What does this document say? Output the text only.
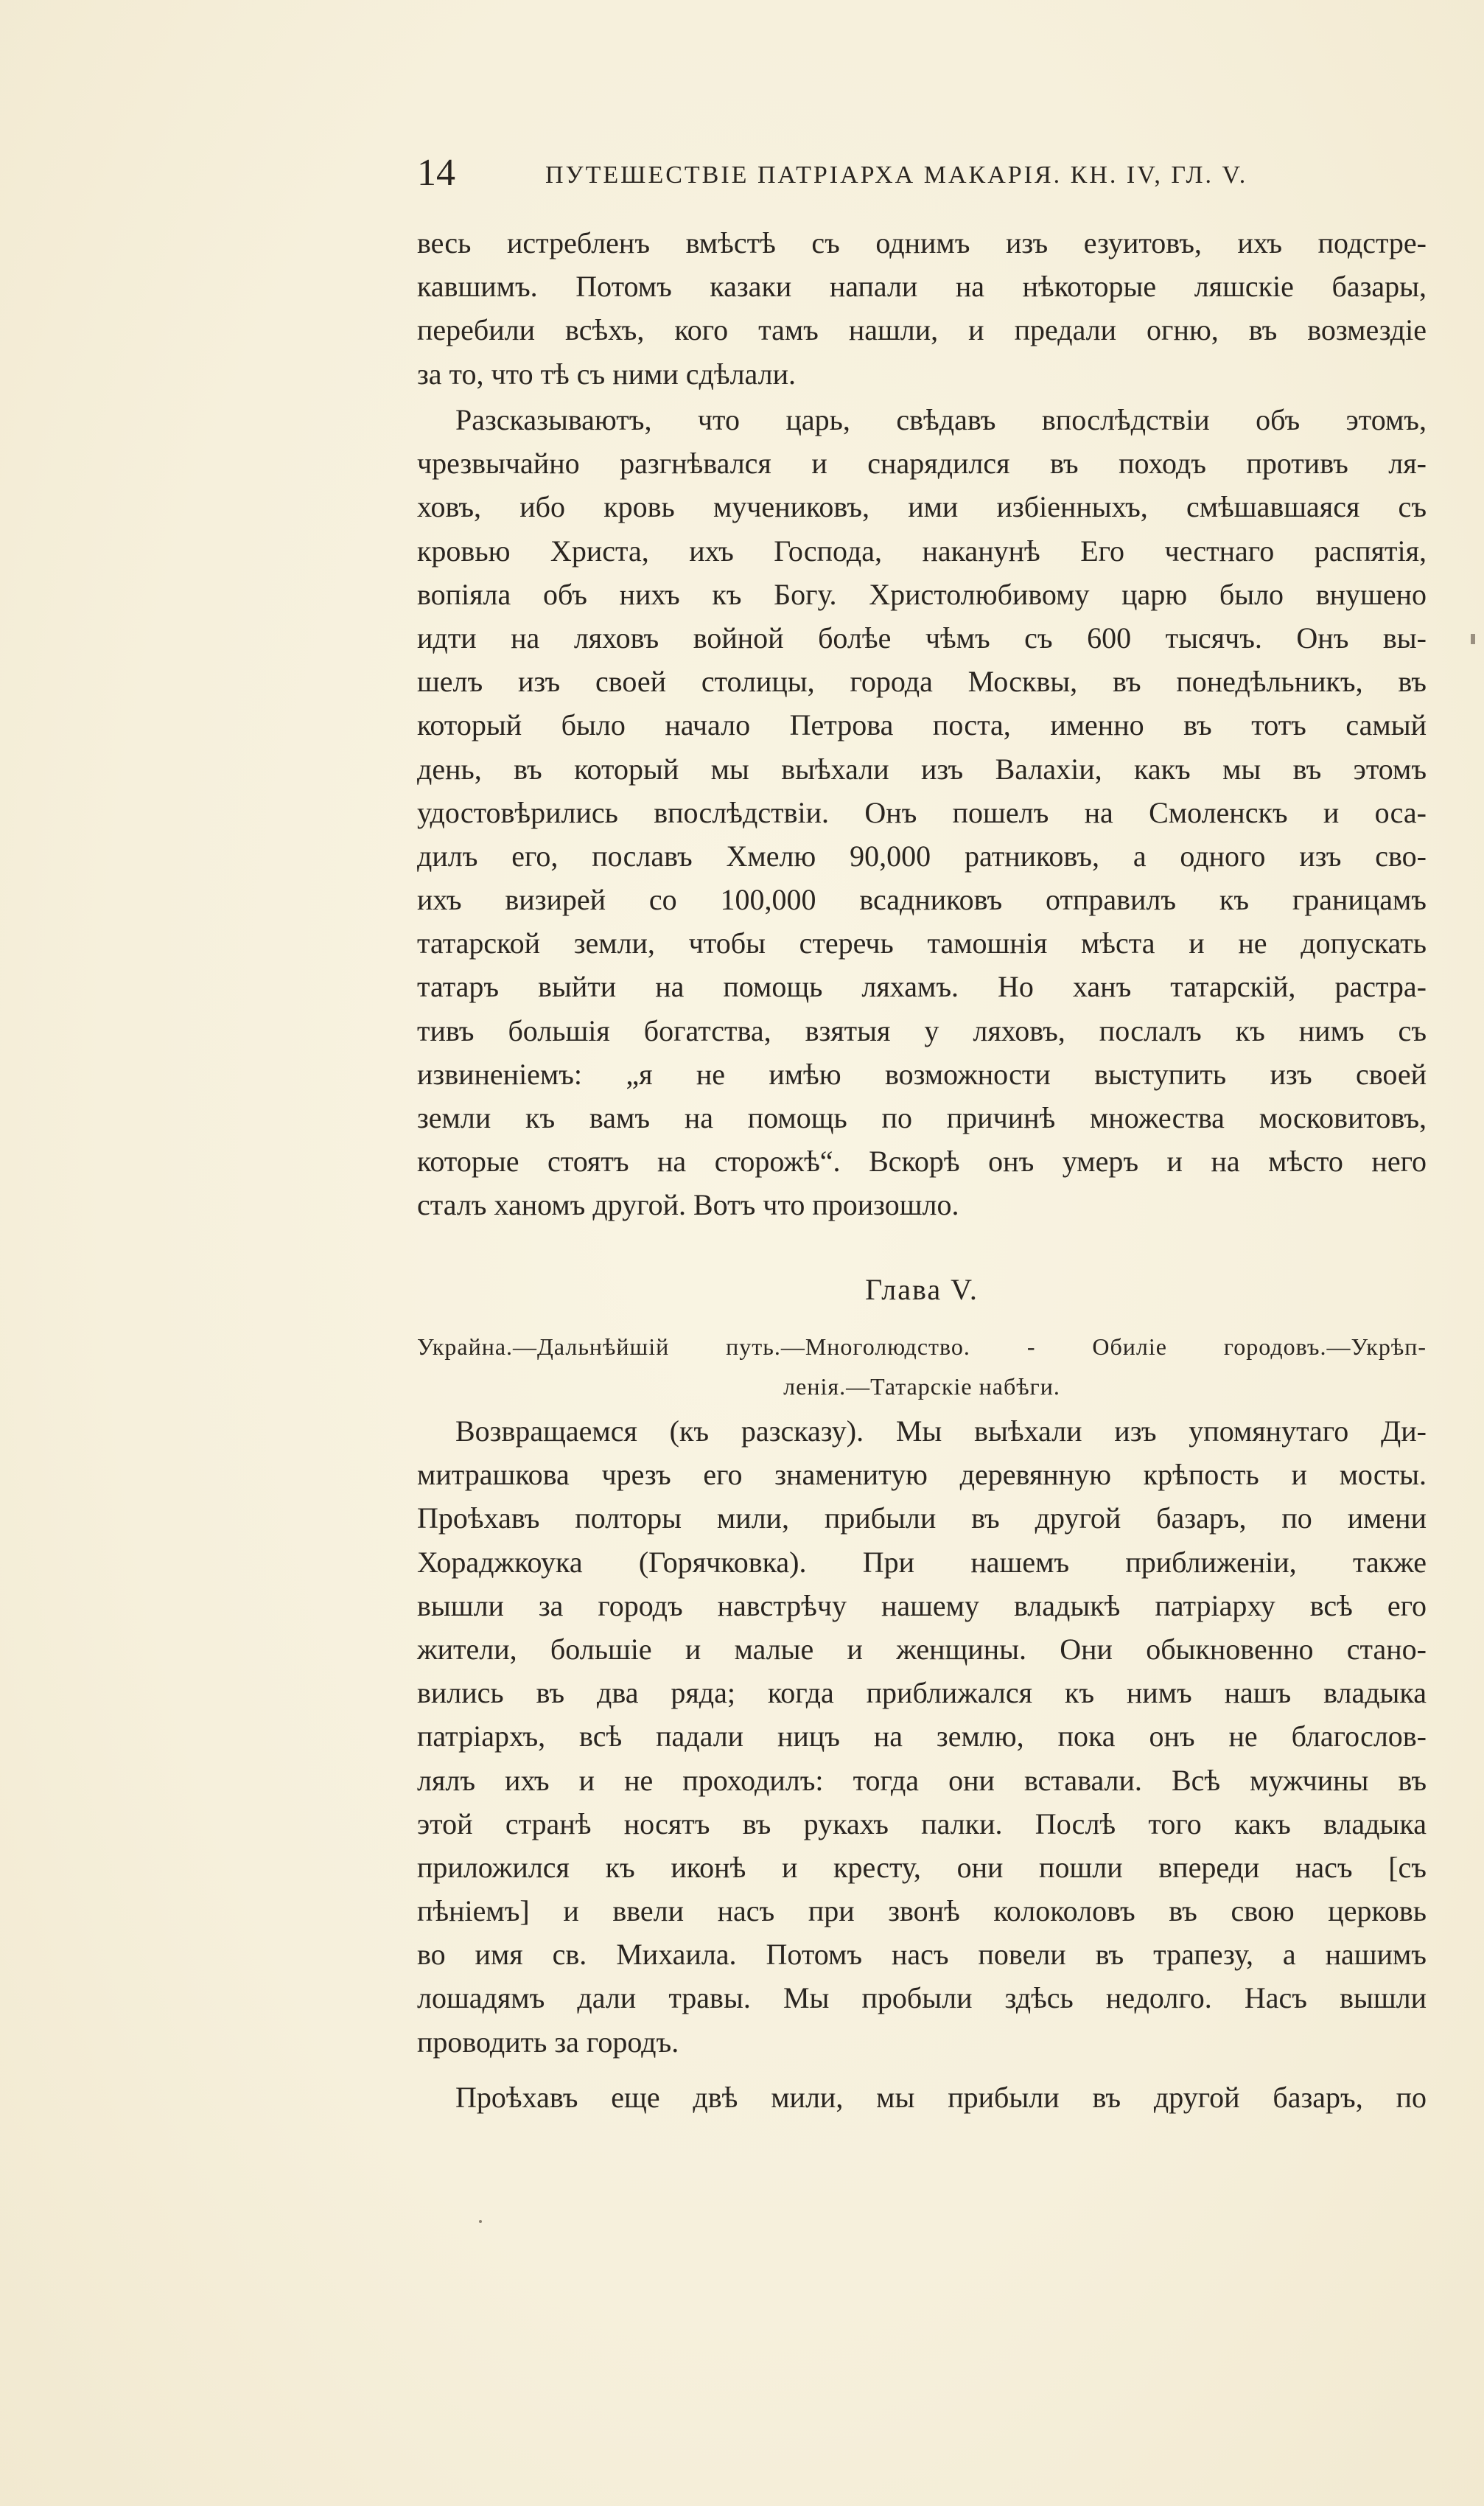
14	ПУТЕШЕСТВІЕ ПАТРІАРХА МАКАРІЯ. КН. IV, ГЛ. V.
весь истребленъ вмѣстѣ съ однимъ изъ езуитовъ, ихъ подстре-
кавшимъ. Потомъ казаки напали на нѣкоторые ляшскіе базары,
перебили всѣхъ, кого тамъ нашли, и предали огню, въ возмездіе
за то, что тѣ съ ними сдѣлали.
Разсказываютъ, что царь, свѣдавъ впослѣдствіи объ этомъ,
чрезвычайно разгнѣвался и снарядился въ походъ противъ ля-
ховъ, ибо кровь мучениковъ, ими избіенныхъ, смѣшавшаяся съ
кровью Христа, ихъ Господа, наканунѣ Его честнаго распятія,
вопіяла объ нихъ къ Богу. Христолюбивому царю было внушено
идти на ляховъ войной болѣе чѣмъ съ 600 тысячъ. Онъ вы-
шелъ изъ своей столицы, города Москвы, въ понедѣльникъ, въ
который было начало Петрова поста, именно въ тотъ самый
день, въ который мы выѣхали изъ Валахіи, какъ мы въ этомъ
удостовѣрились впослѣдствіи. Онъ пошелъ на Смоленскъ и оса-
дилъ его, пославъ Хмелю 90,000 ратниковъ, а одного изъ сво-
ихъ визирей со 100,000 всадниковъ отправилъ къ границамъ
татарской земли, чтобы стеречь тамошнія мѣста и не допускать
татаръ выйти на помощь ляхамъ. Но ханъ татарскій, растра-
тивъ большія богатства, взятыя у ляховъ, послалъ къ нимъ съ
извиненіемъ: „я не имѣю возможности выступить изъ своей
земли къ вамъ на помощь по причинѣ множества московитовъ,
которые стоятъ на сторожѣ“. Вскорѣ онъ умеръ и на мѣсто него
сталъ ханомъ другой. Вотъ что произошло.
Глава V.
Украйна.—Дальнѣйшій путь.—Многолюдство. - Обиліе городовъ.—Укрѣп-
ленія.—Татарскіе набѣги.
Возвращаемся (къ разсказу). Мы выѣхали изъ упомянутаго Ди-
митрашкова чрезъ его знаменитую деревянную крѣпость и мосты.
Проѣхавъ полторы мили, прибыли въ другой базаръ, по имени
Хораджкоука (Горячковка). При нашемъ приближеніи, также
вышли за городъ навстрѣчу нашему владыкѣ патріарху всѣ его
жители, большіе и малые и женщины. Они обыкновенно стано-
вились въ два ряда; когда приближался къ нимъ нашъ владыка
патріархъ, всѣ падали ницъ на землю, пока онъ не благослов-
лялъ ихъ и не проходилъ: тогда они вставали. Всѣ мужчины въ
этой странѣ носятъ въ рукахъ палки. Послѣ того какъ владыка
приложился къ иконѣ и кресту, они пошли впереди насъ [съ
пѣніемъ] и ввели насъ при звонѣ колоколовъ въ свою церковь
во имя св. Михаила. Потомъ насъ повели въ трапезу, а нашимъ
лошадямъ дали травы. Мы пробыли здѣсь недолго. Насъ вышли
проводить за городъ.
Проѣхавъ еще двѣ мили, мы прибыли въ другой базаръ, по
